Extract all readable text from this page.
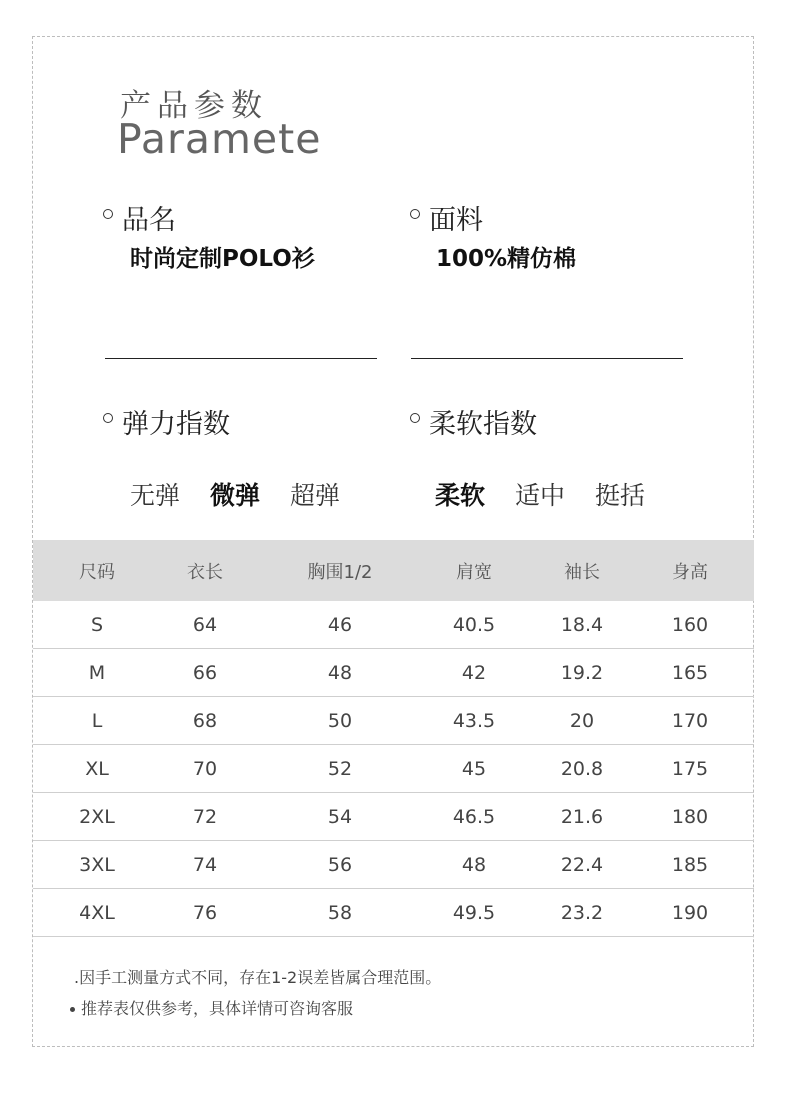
产品参数
Paramete
品名
时尚定制POLO衫
面料
100%精仿棉
弹力指数
无弹 微弹 超弹
柔软指数
柔软 适中 挺括
尺码	衣长	胸围1/2	肩宽	袖长	身高
S	64	46	40.5	18.4	160
M	66	48	42	19.2	165
L	68	50	43.5	20	170
XL	70	52	45	20.8	175
2XL	72	54	46.5	21.6	180
3XL	74	56	48	22.4	185
4XL	76	58	49.5	23.2	190
.因手工测量方式不同，存在1-2误差皆属合理范围。
推荐表仅供参考，具体详情可咨询客服
